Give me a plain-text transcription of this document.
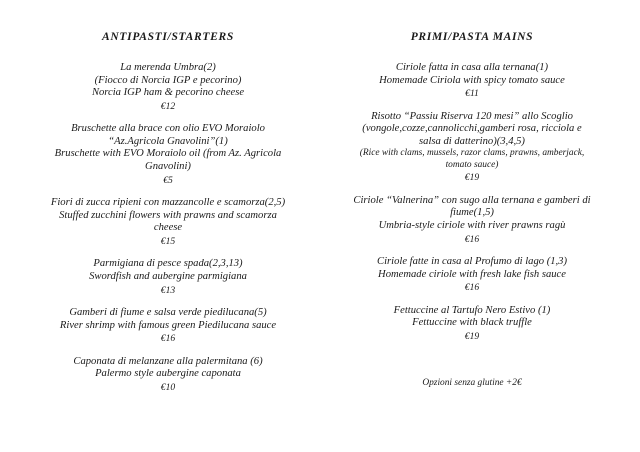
ANTIPASTI/STARTERS
La merenda Umbra(2)
(Fiocco di Norcia IGP e pecorino)
Norcia IGP ham & pecorino cheese
€12
Bruschette alla brace con olio EVO Moraiolo
“Az.Agricola Gnavolini”(1)
Bruschette with EVO Moraiolo oil (from Az. Agricola
Gnavolini)
€5
Fiori di zucca ripieni con mazzancolle e scamorza(2,5)
Stuffed zucchini flowers with prawns and scamorza
cheese
€15
Parmigiana di pesce spada(2,3,13)
Swordfish and aubergine parmigiana
€13
Gamberi di fiume e salsa verde piedilucana(5)
River shrimp with famous green Piedilucana sauce
€16
Caponata di melanzane alla palermitana (6)
Palermo style aubergine caponata
€10
PRIMI/PASTA MAINS
Ciriole fatta in casa alla ternana(1)
Homemade Ciriola with spicy tomato sauce
€11
Risotto “Passiu Riserva 120 mesi” allo Scoglio
(vongole,cozze,cannolicchi,gamberi rosa, ricciola e
salsa di datterino)(3,4,5)
(Rice with clams, mussels, razor clams, prawns, amberjack,
tomato sauce)
€19
Ciriole “Valnerina” con sugo alla ternana e gamberi di
fiume(1,5)
Umbria-style ciriole with river prawns ragù
€16
Ciriole fatte in casa al Profumo di lago (1,3)
Homemade ciriole with fresh lake fish sauce
€16
Fettuccine al Tartufo Nero Estivo (1)
Fettuccine with black truffle
€19
Opzioni senza glutine +2€
